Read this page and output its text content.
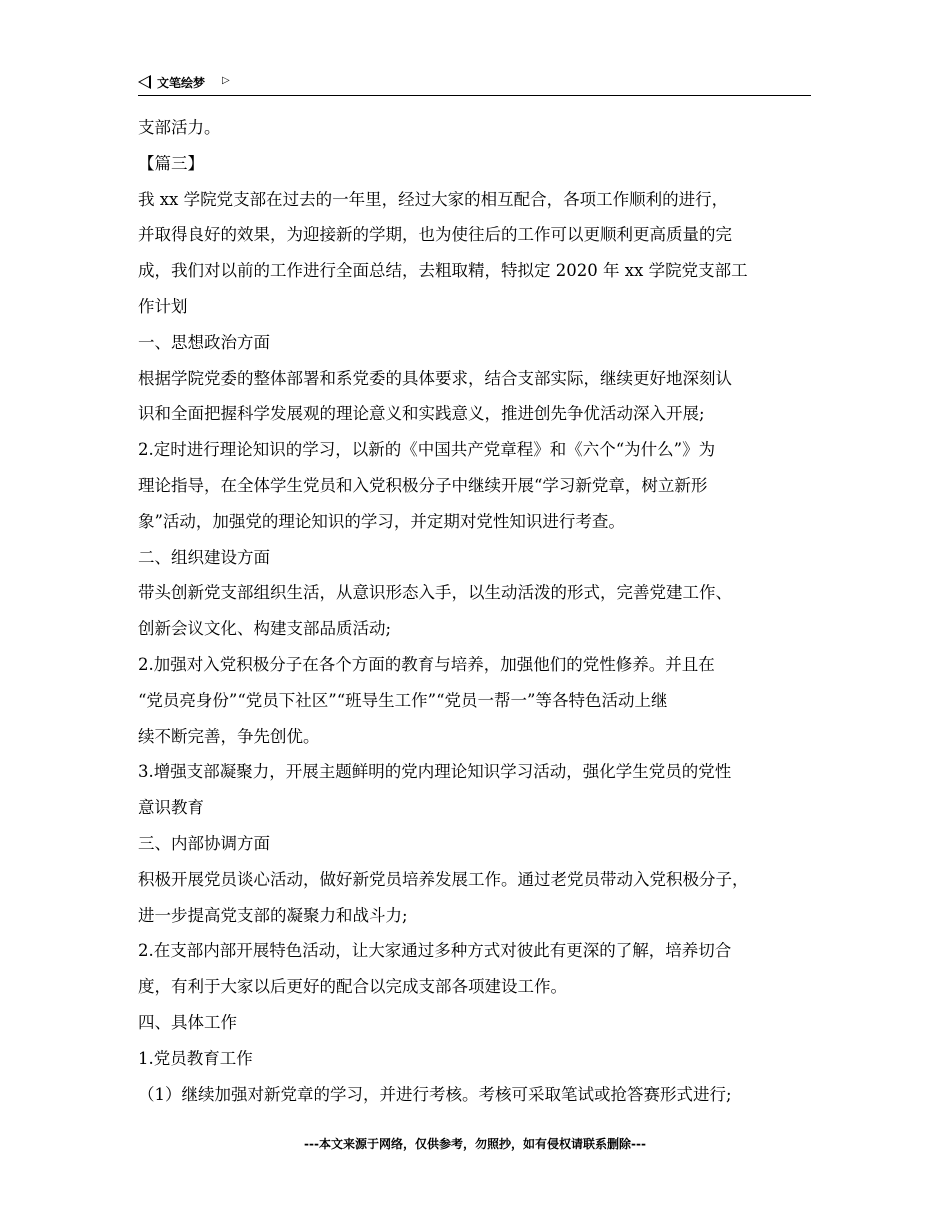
文笔绘梦 ▷

支部活力。

【篇三】

我 xx 学院党支部在过去的一年里，经过大家的相互配合，各项工作顺利的进行，

并取得良好的效果，为迎接新的学期，也为使往后的工作可以更顺利更高质量的完

成，我们对以前的工作进行全面总结，去粗取精，特拟定 2020 年 xx 学院党支部工

作计划

一、思想政治方面

根据学院党委的整体部署和系党委的具体要求，结合支部实际，继续更好地深刻认

识和全面把握科学发展观的理论意义和实践意义，推进创先争优活动深入开展;

2.定时进行理论知识的学习，以新的《中国共产党章程》和《六个“为什么”》为

理论指导，在全体学生党员和入党积极分子中继续开展“学习新党章，树立新形

象”活动，加强党的理论知识的学习，并定期对党性知识进行考查。

二、组织建设方面

带头创新党支部组织生活，从意识形态入手，以生动活泼的形式，完善党建工作、

创新会议文化、构建支部品质活动;

2.加强对入党积极分子在各个方面的教育与培养，加强他们的党性修养。并且在

“党员亮身份”“党员下社区”“班导生工作”“党员一帮一”等各特色活动上继

续不断完善，争先创优。

3.增强支部凝聚力，开展主题鲜明的党内理论知识学习活动，强化学生党员的党性

意识教育

三、内部协调方面

积极开展党员谈心活动，做好新党员培养发展工作。通过老党员带动入党积极分子，

进一步提高党支部的凝聚力和战斗力;

2.在支部内部开展特色活动，让大家通过多种方式对彼此有更深的了解，培养切合

度，有利于大家以后更好的配合以完成支部各项建设工作。

四、具体工作

1.党员教育工作

（1）继续加强对新党章的学习，并进行考核。考核可采取笔试或抢答赛形式进行;

---本文来源于网络，仅供参考，勿照抄，如有侵权请联系删除---
